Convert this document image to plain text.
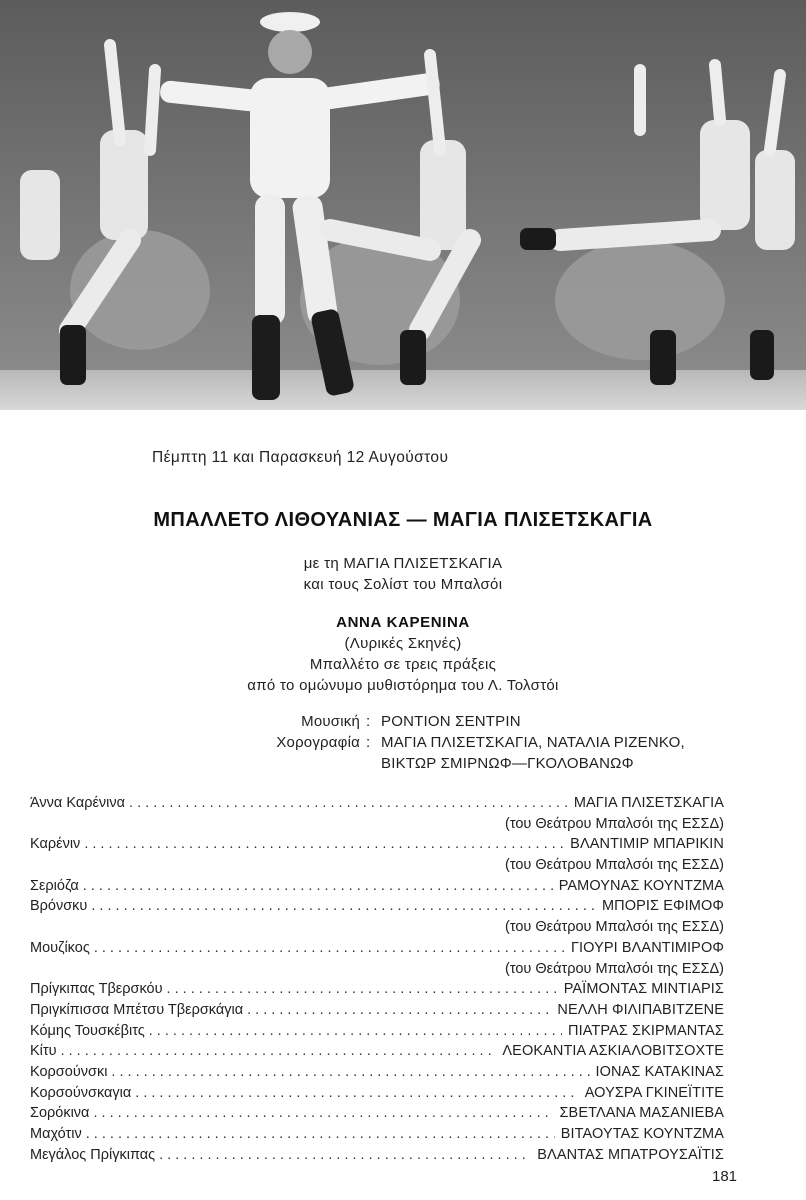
Πέμπτη 11 και Παρασκευή 12 Αυγούστου
ΜΠΑΛΛΕΤΟ ΛΙΘΟΥΑΝΙΑΣ — ΜΑΓΙΑ ΠΛΙΣΕΤΣΚΑΓΙΑ
με τη ΜΑΓΙΑ ΠΛΙΣΕΤΣΚΑΓΙΑ
και τους Σολίστ του Μπαλσόι
ΑΝΝΑ ΚΑΡΕΝΙΝΑ
(Λυρικές Σκηνές)
Μπαλλέτο σε τρεις πράξεις
από το ομώνυμο μυθιστόρημα του Λ. Τολστόι
Μουσική : ΡΟΝΤΙΟΝ ΣΕΝΤΡΙΝ
Χορογραφία : ΜΑΓΙΑ ΠΛΙΣΕΤΣΚΑΓΙΑ, ΝΑΤΑΛΙΑ ΡΙΖΕΝΚΟ,
ΒΙΚΤΩΡ ΣΜΙΡΝΩΦ—ΓΚΟΛΟΒΑΝΩΦ
Άννα Καρένινα . . .	ΜΑΓΙΑ ΠΛΙΣΕΤΣΚΑΓΙΑ
(του Θεάτρου Μπαλσόι της ΕΣΣΔ)
Καρένιν . . .	ΒΛΑΝΤΙΜΙΡ ΜΠΑΡΙΚΙΝ
(του Θεάτρου Μπαλσόι της ΕΣΣΔ)
Σεριόζα . . .	ΡΑΜΟΥΝΑΣ ΚΟΥΝΤΖΜΑ
Βρόνσκυ . . .	ΜΠΟΡΙΣ ΕΦΙΜΟΦ
(του Θεάτρου Μπαλσόι της ΕΣΣΔ)
Μουζίκος . . .	ΓΙΟΥΡΙ ΒΛΑΝΤΙΜΙΡΟΦ
(του Θεάτρου Μπαλσόι της ΕΣΣΔ)
Πρίγκιπας Τβερσκόυ . . .	ΡΑΪΜΟΝΤΑΣ ΜΙΝΤΙΑΡΙΣ
Πριγκίπισσα Μπέτσυ Τβερσκάγια . . .	ΝΕΛΛΗ ΦΙΛΙΠΑΒΙΤΖΕΝΕ
Κόμης Τουσκέβιτς . . .	ΠΙΑΤΡΑΣ ΣΚΙΡΜΑΝΤΑΣ
Κίτυ . . .	ΛΕΟΚΑΝΤΙΑ ΑΣΚΙΑΛΟΒΙΤΣΟΧΤΕ
Κορσούνσκι . . .	ΙΟΝΑΣ ΚΑΤΑΚΙΝΑΣ
Κορσούνσκαγια . . .	ΑΟΥΣΡΑ ΓΚΙΝΕΪΤΙΤΕ
Σορόκινα . . .	ΣΒΕΤΛΑΝΑ ΜΑΣΑΝΙΕΒΑ
Μαχότιν . . .	ΒΙΤΑΟΥΤΑΣ ΚΟΥΝΤΖΜΑ
Μεγάλος Πρίγκιπας . . .	ΒΛΑΝΤΑΣ ΜΠΑΤΡΟΥΣΑΪΤΙΣ
181
